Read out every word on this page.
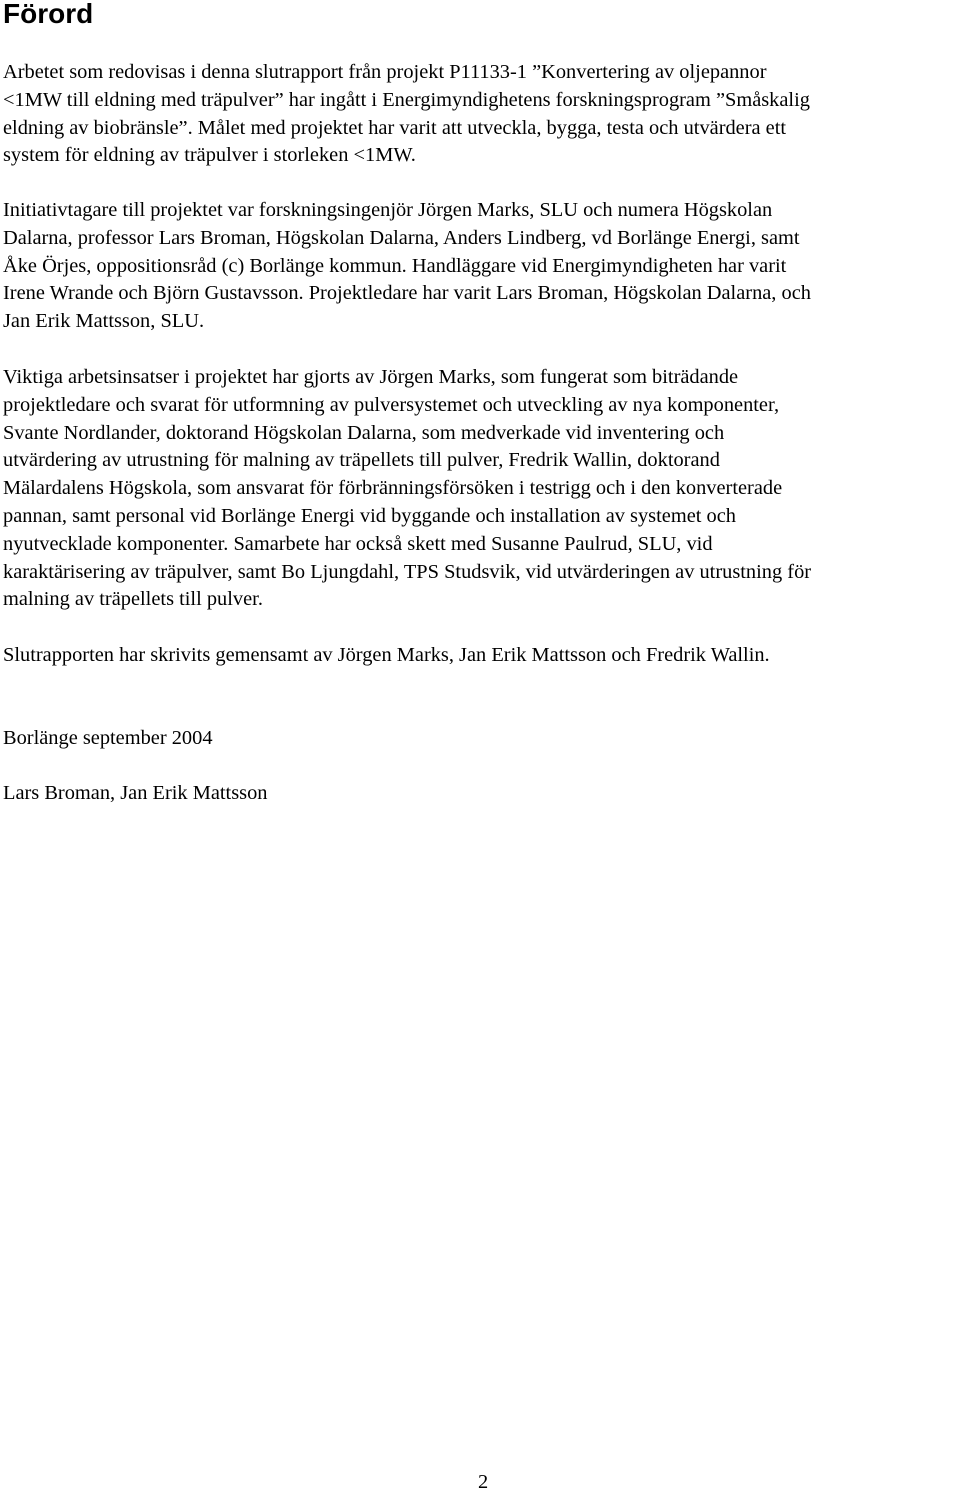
Förord

Arbetet som redovisas i denna slutrapport från projekt P11133-1 ”Konvertering av oljepannor
<1MW till eldning med träpulver” har ingått i Energimyndighetens forskningsprogram ”Småskalig
eldning av biobränsle”. Målet med projektet har varit att utveckla, bygga, testa och utvärdera ett
system för eldning av träpulver i storleken <1MW.

Initiativtagare till projektet var forskningsingenjör Jörgen Marks, SLU och numera Högskolan
Dalarna, professor Lars Broman, Högskolan Dalarna, Anders Lindberg, vd Borlänge Energi, samt
Åke Örjes, oppositionsråd (c) Borlänge kommun. Handläggare vid Energimyndigheten har varit
Irene Wrande och Björn Gustavsson. Projektledare har varit Lars Broman, Högskolan Dalarna, och
Jan Erik Mattsson, SLU.

Viktiga arbetsinsatser i projektet har gjorts av Jörgen Marks, som fungerat som biträdande
projektledare och svarat för utformning av pulversystemet och utveckling av nya komponenter,
Svante Nordlander, doktorand Högskolan Dalarna, som medverkade vid inventering och
utvärdering av utrustning för malning av träpellets till pulver, Fredrik Wallin, doktorand
Mälardalens Högskola, som ansvarat för förbränningsförsöken i testrigg och i den konverterade
pannan, samt personal vid Borlänge Energi vid byggande och installation av systemet och
nyutvecklade komponenter. Samarbete har också skett med Susanne Paulrud, SLU, vid
karaktärisering av träpulver, samt Bo Ljungdahl, TPS Studsvik, vid utvärderingen av utrustning för
malning av träpellets till pulver.

Slutrapporten har skrivits gemensamt av Jörgen Marks, Jan Erik Mattsson och Fredrik Wallin.

Borlänge september 2004

Lars Broman, Jan Erik Mattsson

2
